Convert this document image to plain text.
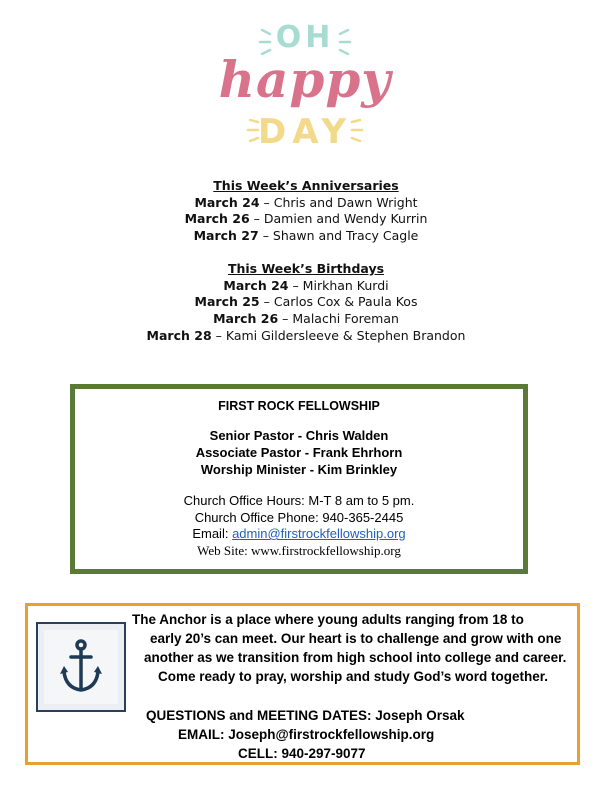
OH
happy
DAY
This Week’s Anniversaries
March 24 – Chris and Dawn Wright
March 26 – Damien and Wendy Kurrin
March 27 – Shawn and Tracy Cagle
This Week’s Birthdays
March 24 – Mirkhan Kurdi
March 25 – Carlos Cox & Paula Kos
March 26 – Malachi Foreman
March 28 – Kami Gildersleeve & Stephen Brandon
FIRST ROCK FELLOWSHIP
Senior Pastor - Chris Walden
Associate Pastor - Frank Ehrhorn
Worship Minister - Kim Brinkley
Church Office Hours: M-T 8 am to 5 pm.
Church Office Phone: 940-365-2445
Email: admin@firstrockfellowship.org
Web Site: www.firstrockfellowship.org
The Anchor is a place where young adults ranging from 18 to
early 20’s can meet. Our heart is to challenge and grow with one
another as we transition from high school into college and career.
Come ready to pray, worship and study God’s word together.
QUESTIONS and MEETING DATES: Joseph Orsak
EMAIL: Joseph@firstrockfellowship.org
CELL: 940-297-9077
